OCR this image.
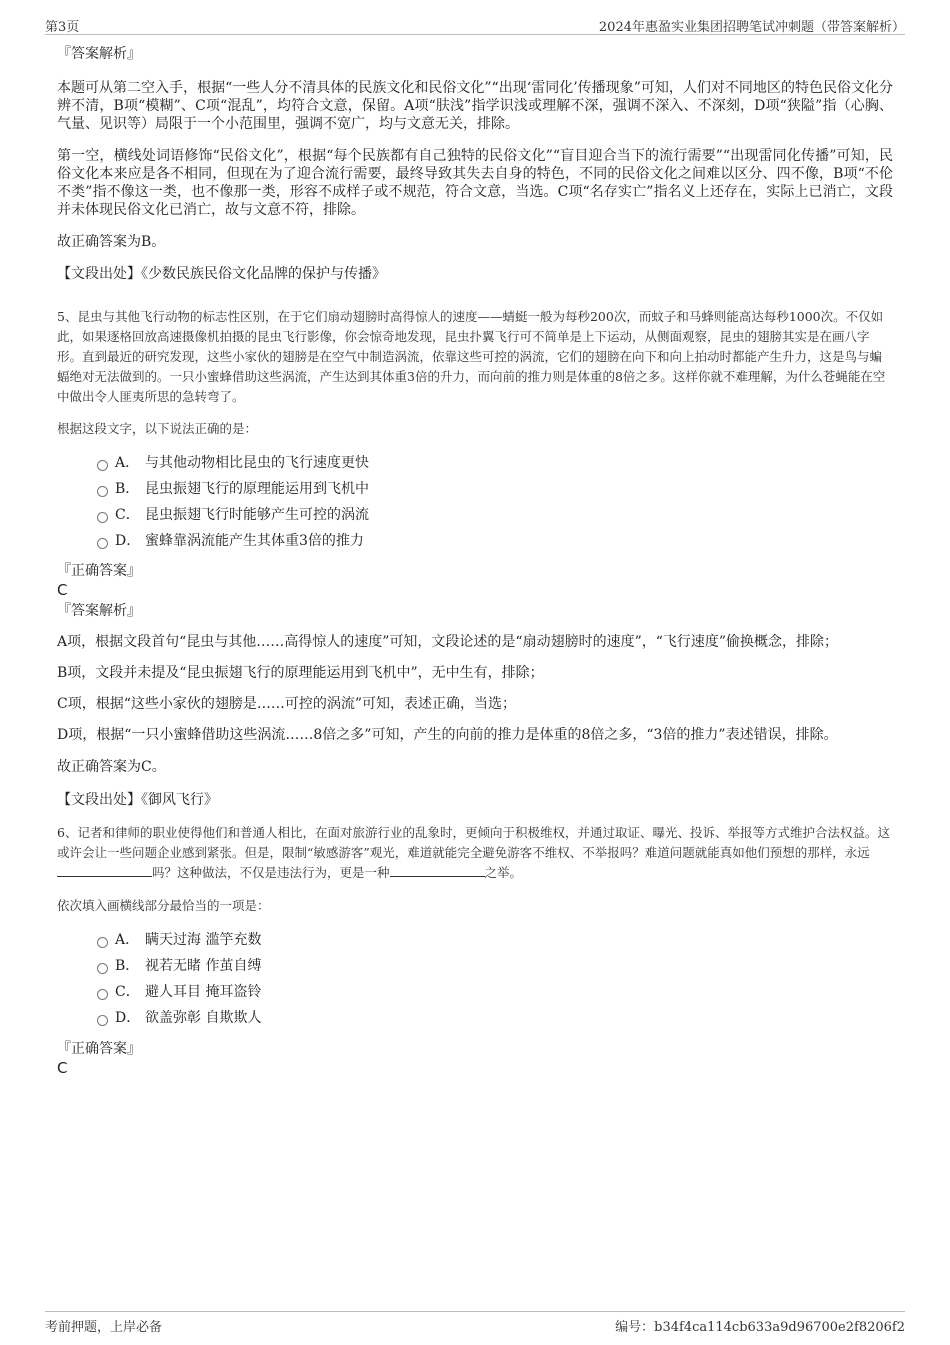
第3页	2024年惠盈实业集团招聘笔试冲刺题（带答案解析）
『答案解析』

本题可从第二空入手，根据“一些人分不清具体的民族文化和民俗文化”“出现‘雷同化’传播现象”可知，人们对不同地区的特色民俗文化分辨不清，B项“模糊”、C项“混乱”，均符合文意，保留。A项“肤浅”指学识浅或理解不深，强调不深入、不深刻，D项“狭隘”指（心胸、气量、见识等）局限于一个小范围里，强调不宽广，均与文意无关，排除。

第一空，横线处词语修饰“民俗文化”，根据“每个民族都有自己独特的民俗文化”“盲目迎合当下的流行需要”“出现雷同化传播”可知，民俗文化本来应是各不相同，但现在为了迎合流行需要，最终导致其失去自身的特色，不同的民俗文化之间难以区分、四不像，B项“不伦不类”指不像这一类，也不像那一类，形容不成样子或不规范，符合文意，当选。C项“名存实亡”指名义上还存在，实际上已消亡，文段并未体现民俗文化已消亡，故与文意不符，排除。

故正确答案为B。

【文段出处】《少数民族民俗文化品牌的保护与传播》

5、昆虫与其他飞行动物的标志性区别，在于它们扇动翅膀时高得惊人的速度——蜻蜓一般为每秒200次，而蚊子和马蜂则能高达每秒1000次。不仅如此，如果逐格回放高速摄像机拍摄的昆虫飞行影像，你会惊奇地发现，昆虫扑翼飞行可不简单是上下运动，从侧面观察，昆虫的翅膀其实是在画八字形。直到最近的研究发现，这些小家伙的翅膀是在空气中制造涡流，依靠这些可控的涡流，它们的翅膀在向下和向上拍动时都能产生升力，这是鸟与蝙蝠绝对无法做到的。一只小蜜蜂借助这些涡流，产生达到其体重3倍的升力，而向前的推力则是体重的8倍之多。这样你就不难理解，为什么苍蝇能在空中做出令人匪夷所思的急转弯了。

根据这段文字，以下说法正确的是：

A． 与其他动物相比昆虫的飞行速度更快
B． 昆虫振翅飞行的原理能运用到飞机中
C． 昆虫振翅飞行时能够产生可控的涡流
D． 蜜蜂靠涡流能产生其体重3倍的推力
『正确答案』
C
『答案解析』

A项，根据文段首句“昆虫与其他……高得惊人的速度”可知，文段论述的是“扇动翅膀时的速度”，“飞行速度”偷换概念，排除；

B项，文段并未提及“昆虫振翅飞行的原理能运用到飞机中”，无中生有，排除；

C项，根据“这些小家伙的翅膀是……可控的涡流”可知，表述正确，当选；

D项，根据“一只小蜜蜂借助这些涡流……8倍之多”可知，产生的向前的推力是体重的8倍之多，“3倍的推力”表述错误，排除。

故正确答案为C。

【文段出处】《御风飞行》

6、记者和律师的职业使得他们和普通人相比，在面对旅游行业的乱象时，更倾向于积极维权，并通过取证、曝光、投诉、举报等方式维护合法权益。这或许会让一些问题企业感到紧张。但是，限制“敏感游客”观光，难道就能完全避免游客不维权、不举报吗？难道问题就能真如他们预想的那样，永远吗？这种做法，不仅是违法行为，更是一种	之举。

依次填入画横线部分最恰当的一项是：

A． 瞒天过海 滥竽充数
B． 视若无睹 作茧自缚
C． 避人耳目 掩耳盗铃
D． 欲盖弥彰 自欺欺人
『正确答案』
C
考前押题，上岸必备	编号：b34f4ca114cb633a9d96700e2f8206f2
